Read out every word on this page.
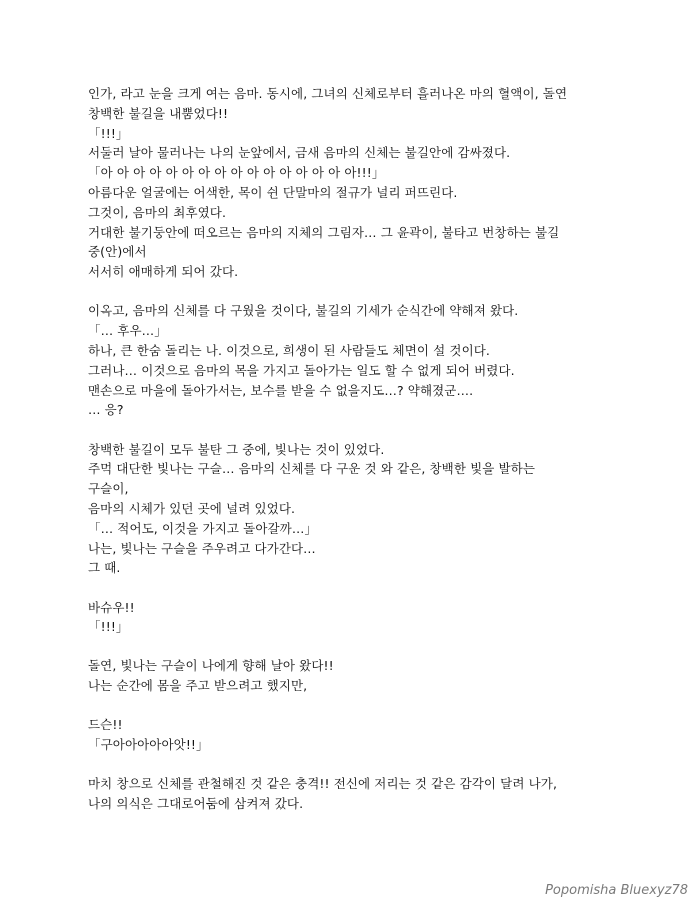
인가, 라고 눈을 크게 여는 음마. 동시에, 그녀의 신체로부터 흘러나온 마의 혈액이, 돌연
창백한 불길을 내뿜었다!!
「!!!」
서둘러 날아 물러나는 나의 눈앞에서, 금새 음마의 신체는 불길안에 감싸졌다.
「아 아 아 아 아 아 아 아 아 아 아 아 아 아 아 아!!!」
아름다운 얼굴에는 어색한, 목이 쉰 단말마의 절규가 널리 퍼뜨린다.
그것이, 음마의 최후였다.
거대한 불기둥안에 떠오르는 음마의 지체의 그림자… 그 윤곽이, 불타고 번창하는 불길
중(안)에서
서서히 애매하게 되어 갔다.
이옥고, 음마의 신체를 다 구웠을 것이다, 불길의 기세가 순식간에 약해져 왔다.
「… 후우…」
하나, 큰 한숨 돌리는 나. 이것으로, 희생이 된 사람들도 체면이 설 것이다.
그러나… 이것으로 음마의 목을 가지고 돌아가는 일도 할 수 없게 되어 버렸다.
맨손으로 마을에 돌아가서는, 보수를 받을 수 없을지도…? 약해졌군….
… 응?
창백한 불길이 모두 불탄 그 중에, 빛나는 것이 있었다.
주먹 대단한 빛나는 구슬… 음마의 신체를 다 구운 것 와 같은, 창백한 빛을 발하는
구슬이,
음마의 시체가 있던 곳에 널려 있었다.
「… 적어도, 이것을 가지고 돌아갈까…」
나는, 빛나는 구슬을 주우려고 다가간다…
그 때.
바슈우!!
「!!!」
돌연, 빛나는 구슬이 나에게 향해 날아 왔다!!
나는 순간에 몸을 주고 받으려고 했지만,
드슨!!
「구아아아아아앗!!」
마치 창으로 신체를 관철해진 것 같은 충격!! 전신에 저리는 것 같은 감각이 달려 나가,
나의 의식은 그대로어둠에 삼켜져 갔다.
Popomisha Bluexyz78
